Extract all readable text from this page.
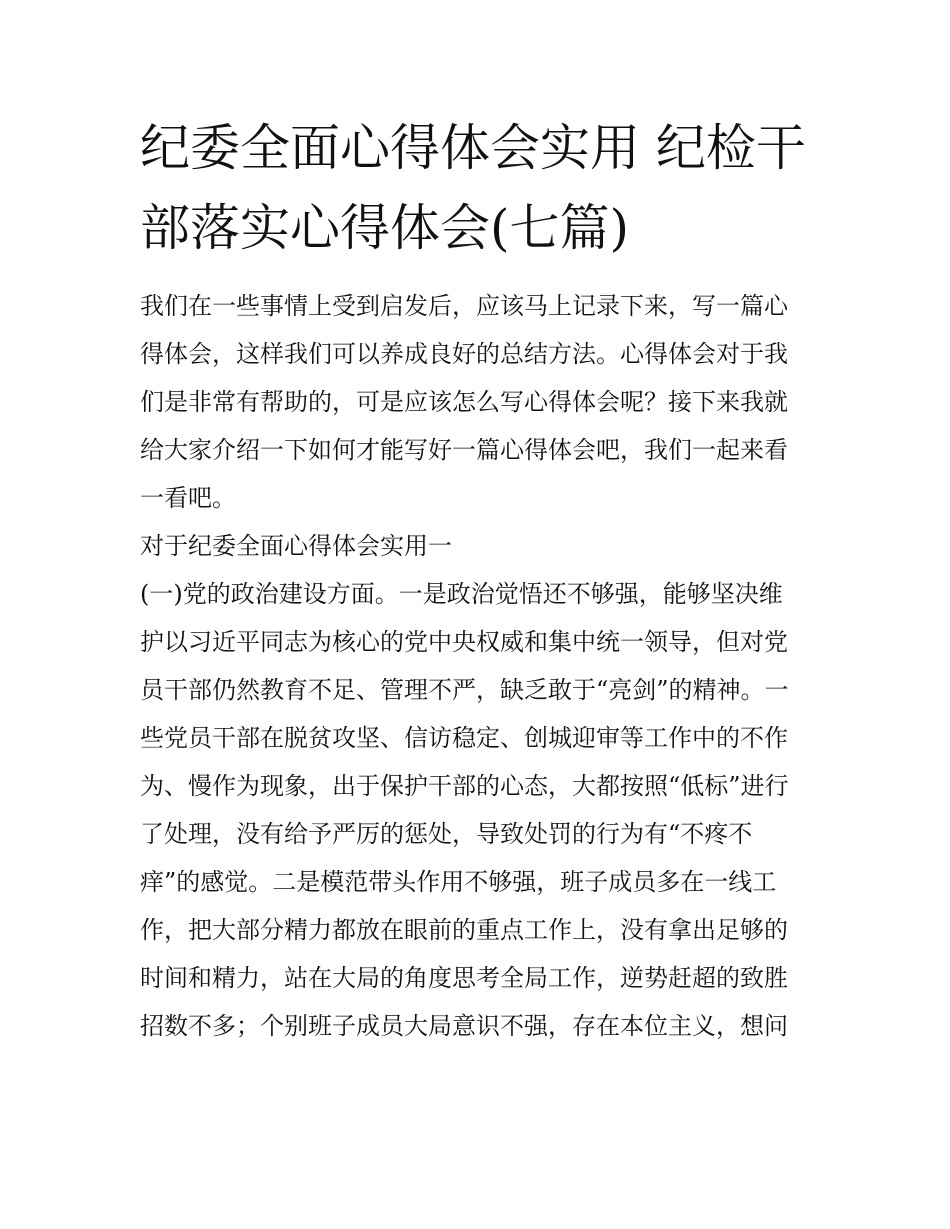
纪委全面心得体会实用 纪检干
部落实心得体会(七篇)

我们在一些事情上受到启发后，应该马上记录下来，写一篇心
得体会，这样我们可以养成良好的总结方法。心得体会对于我
们是非常有帮助的，可是应该怎么写心得体会呢？接下来我就
给大家介绍一下如何才能写好一篇心得体会吧，我们一起来看
一看吧。

对于纪委全面心得体会实用一

(一)党的政治建设方面。一是政治觉悟还不够强，能够坚决维
护以习近平同志为核心的党中央权威和集中统一领导，但对党
员干部仍然教育不足、管理不严，缺乏敢于“亮剑”的精神。一
些党员干部在脱贫攻坚、信访稳定、创城迎审等工作中的不作
为、慢作为现象，出于保护干部的心态，大都按照“低标”进行
了处理，没有给予严厉的惩处，导致处罚的行为有“不疼不
痒”的感觉。二是模范带头作用不够强，班子成员多在一线工
作，把大部分精力都放在眼前的重点工作上，没有拿出足够的
时间和精力，站在大局的角度思考全局工作，逆势赶超的致胜
招数不多；个别班子成员大局意识不强，存在本位主义，想问
